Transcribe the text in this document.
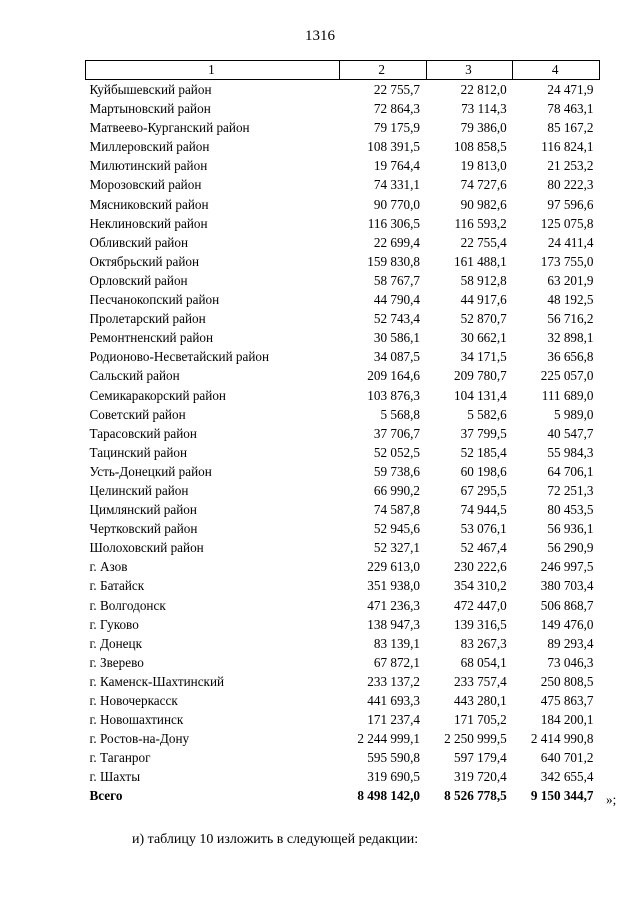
1316
1	2	3	4
Куйбышевский район	22 755,7	22 812,0	24 471,9
Мартыновский район	72 864,3	73 114,3	78 463,1
Матвеево-Курганский район	79 175,9	79 386,0	85 167,2
Миллеровский район	108 391,5	108 858,5	116 824,1
Милютинский район	19 764,4	19 813,0	21 253,2
Морозовский район	74 331,1	74 727,6	80 222,3
Мясниковский район	90 770,0	90 982,6	97 596,6
Неклиновский район	116 306,5	116 593,2	125 075,8
Обливский район	22 699,4	22 755,4	24 411,4
Октябрьский район	159 830,8	161 488,1	173 755,0
Орловский район	58 767,7	58 912,8	63 201,9
Песчанокопский район	44 790,4	44 917,6	48 192,5
Пролетарский район	52 743,4	52 870,7	56 716,2
Ремонтненский район	30 586,1	30 662,1	32 898,1
Родионово-Несветайский район	34 087,5	34 171,5	36 656,8
Сальский район	209 164,6	209 780,7	225 057,0
Семикаракорский район	103 876,3	104 131,4	111 689,0
Советский район	5 568,8	5 582,6	5 989,0
Тарасовский район	37 706,7	37 799,5	40 547,7
Тацинский район	52 052,5	52 185,4	55 984,3
Усть-Донецкий район	59 738,6	60 198,6	64 706,1
Целинский район	66 990,2	67 295,5	72 251,3
Цимлянский район	74 587,8	74 944,5	80 453,5
Чертковский район	52 945,6	53 076,1	56 936,1
Шолоховский район	52 327,1	52 467,4	56 290,9
г. Азов	229 613,0	230 222,6	246 997,5
г. Батайск	351 938,0	354 310,2	380 703,4
г. Волгодонск	471 236,3	472 447,0	506 868,7
г. Гуково	138 947,3	139 316,5	149 476,0
г. Донецк	83 139,1	83 267,3	89 293,4
г. Зверево	67 872,1	68 054,1	73 046,3
г. Каменск-Шахтинский	233 137,2	233 757,4	250 808,5
г. Новочеркасск	441 693,3	443 280,1	475 863,7
г. Новошахтинск	171 237,4	171 705,2	184 200,1
г. Ростов-на-Дону	2 244 999,1	2 250 999,5	2 414 990,8
г. Таганрог	595 590,8	597 179,4	640 701,2
г. Шахты	319 690,5	319 720,4	342 655,4
Всего	8 498 142,0	8 526 778,5	9 150 344,7 »;
и) таблицу 10 изложить в следующей редакции:
